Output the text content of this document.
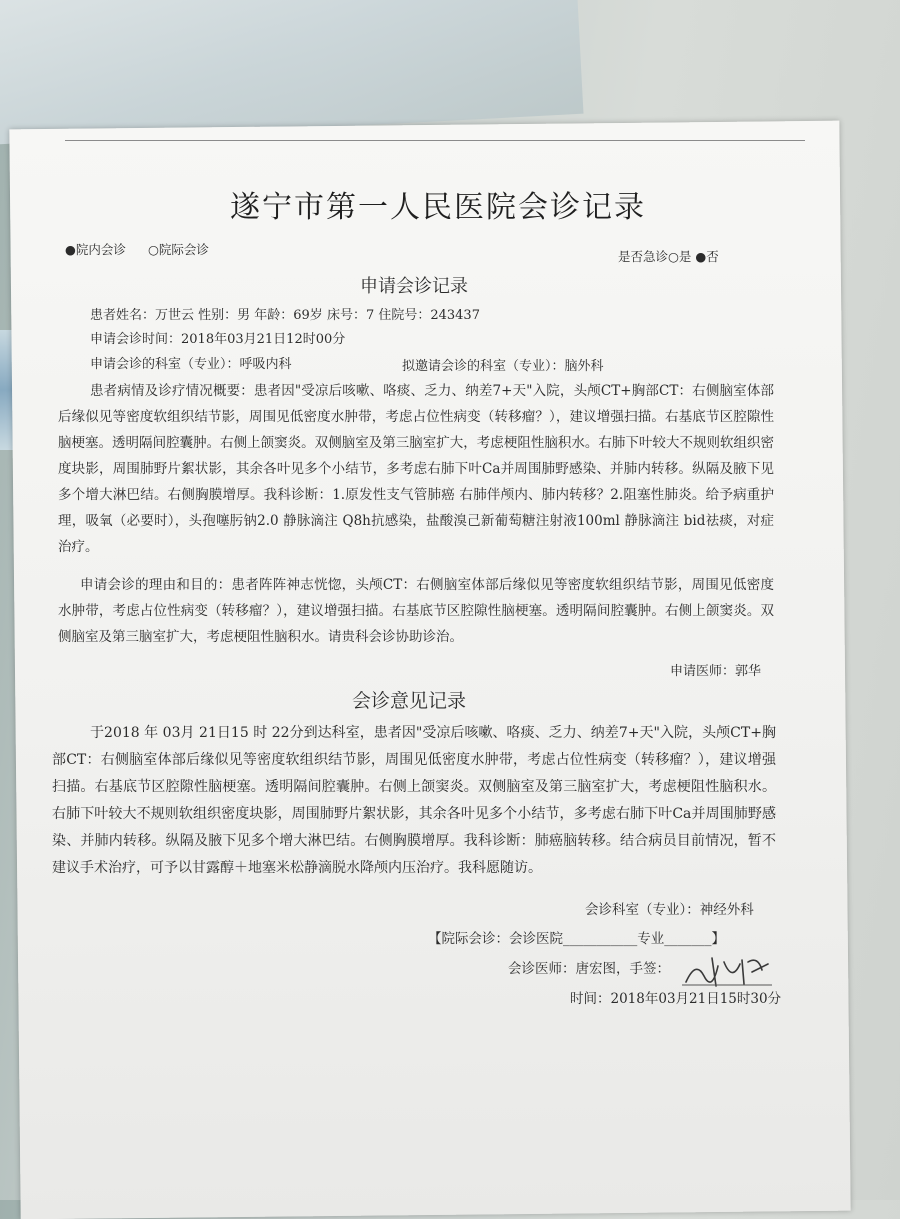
遂宁市第一人民医院会诊记录
●院内会诊 ○院际会诊	是否急诊○是 ●否
申请会诊记录
患者姓名：万世云 性别：男 年龄：69岁 床号：7 住院号：243437
申请会诊时间：2018年03月21日12时00分
申请会诊的科室（专业）：呼吸内科	拟邀请会诊的科室（专业）：脑外科
患者病情及诊疗情况概要：患者因"受凉后咳嗽、咯痰、乏力、纳差7+天"入院，头颅CT+胸部CT：右侧脑室体部后缘似见等密度软组织结节影，周围见低密度水肿带，考虑占位性病变（转移瘤？），建议增强扫描。右基底节区腔隙性脑梗塞。透明隔间腔囊肿。右侧上颌窦炎。双侧脑室及第三脑室扩大，考虑梗阻性脑积水。右肺下叶较大不规则软组织密度块影，周围肺野片絮状影，其余各叶见多个小结节，多考虑右肺下叶Ca并周围肺野感染、并肺内转移。纵隔及腋下见多个增大淋巴结。右侧胸膜增厚。我科诊断：1.原发性支气管肺癌 右肺伴颅内、肺内转移？2.阻塞性肺炎。给予病重护理，吸氧（必要时），头孢噻肟钠2.0 静脉滴注 Q8h抗感染，盐酸溴己新葡萄糖注射液100ml 静脉滴注 bid祛痰，对症治疗。
申请会诊的理由和目的：患者阵阵神志恍惚，头颅CT：右侧脑室体部后缘似见等密度软组织结节影，周围见低密度水肿带，考虑占位性病变（转移瘤？），建议增强扫描。右基底节区腔隙性脑梗塞。透明隔间腔囊肿。右侧上颌窦炎。双侧脑室及第三脑室扩大，考虑梗阻性脑积水。请贵科会诊协助诊治。
申请医师：郭华
会诊意见记录
于2018 年 03月 21日15 时 22分到达科室，患者因"受凉后咳嗽、咯痰、乏力、纳差7+天"入院，头颅CT+胸部CT：右侧脑室体部后缘似见等密度软组织结节影，周围见低密度水肿带，考虑占位性病变（转移瘤？），建议增强扫描。右基底节区腔隙性脑梗塞。透明隔间腔囊肿。右侧上颌窦炎。双侧脑室及第三脑室扩大，考虑梗阻性脑积水。右肺下叶较大不规则软组织密度块影，周围肺野片絮状影，其余各叶见多个小结节，多考虑右肺下叶Ca并周围肺野感染、并肺内转移。纵隔及腋下见多个增大淋巴结。右侧胸膜增厚。我科诊断：肺癌脑转移。结合病员目前情况，暂不建议手术治疗，可予以甘露醇＋地塞米松静滴脱水降颅内压治疗。我科愿随访。
会诊科室（专业）：神经外科
【院际会诊：会诊医院___________专业_______】
会诊医师：唐宏图，手签：
时间：2018年03月21日15时30分
